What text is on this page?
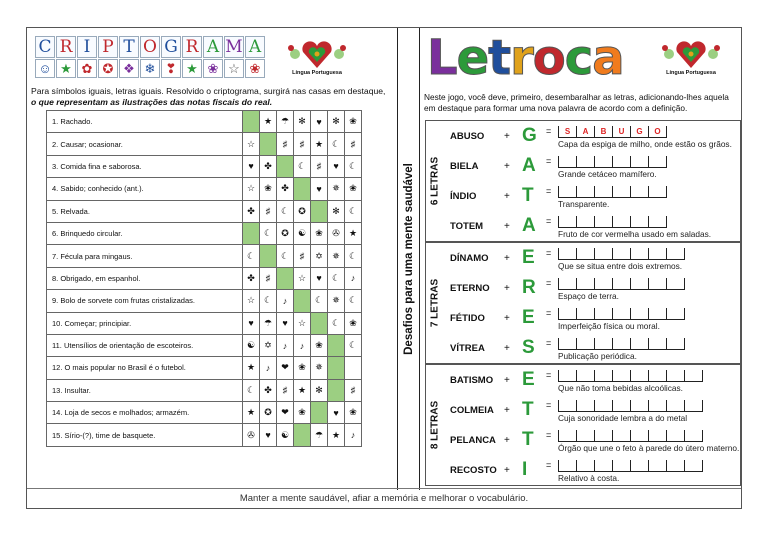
C R I P T O G R A M A
☺ ★ ✿ ✪ ❖ ❄ ❣ ★ ❀ ☆ ❀	Língua Portuguesa
Para símbolos iguais, letras iguais. Resolvido o criptograma, surgirá nas casas em destaque, o que representam as ilustrações das notas fiscais do real.
1. Rachado.		★	☂	✻	♥	✻	❀
2. Causar; ocasionar.	☆		♯	♯	★	☾	♯
3. Comida fina e saborosa.	♥	✤		☾	♯	♥	☾
4. Sabido; conhecido (ant.).	☆	❀	✤		♥	✵	❀
5. Relvada.	✤	♯	☾	✪		✻	☾
6. Brinquedo circular.		☾	✪	☯	❀	✇	★
7. Fécula para mingaus.	☾		☾	♯	✡	✵	☾
8. Obrigado, em espanhol.	✤	♯		☆	♥	☾	♪
9. Bolo de sorvete com frutas cristalizadas.	☆	☾	♪		☾	✵	☾
10. Começar; principiar.	♥	☂	♥	☆		☾	❀
11. Utensílios de orientação de escoteiros.	☯	✡	♪	♪	❀		☾
12. O mais popular no Brasil é o futebol.	★	♪	❤	❀	✵		
13. Insultar.	☾	✤	♯	★	✻		♯
14. Loja de secos e molhados; armazém.	★	✪	❤	❀		♥	❀
15. Sírio-(?), time de basquete.	✇	♥	☯		☂	★	♪
Desafios para uma mente saudável
L e t r o c a	Língua Portuguesa
Neste jogo, você deve, primeiro, desembaralhar as letras, adicionando-lhes aquela em destaque para formar uma nova palavra de acordo com a definição.
6 LETRAS
ABUSO + G =	S	A	B	U	G	O
Capa da espiga de milho, onde estão os grãos.
BIELA	+ A =
Grande cetáceo mamífero.
ÍNDIO	+ T =
Transparente.
TOTEM + A =
Fruto de cor vermelha usado em saladas.
7 LETRAS
DÍNAMO + E =
Que se situa entre dois extremos.
ETERNO + R =
Espaço de terra.
FÉTIDO + E =
Imperfeição física ou moral.
VÍTREA + S =
Publicação periódica.
8 LETRAS
BATISMO + E =
Que não toma bebidas alcoólicas.
COLMEIA + T =
Cuja sonoridade lembra a do metal
PELANCA + T =
Órgão que une o feto à parede do útero materno.
RECOSTO + I =
Relativo à costa.
Manter a mente saudável, afiar a memória e melhorar o vocabulário.
